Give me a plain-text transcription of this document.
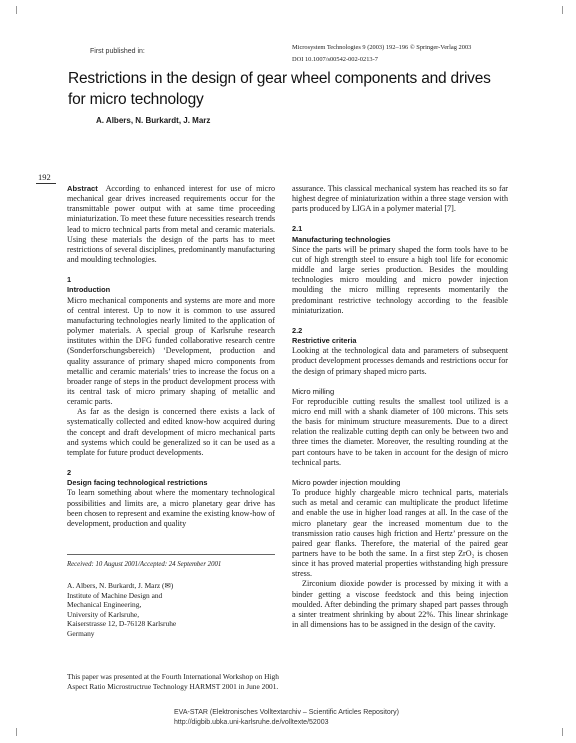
First published in:
Microsystem Technologies 9 (2003) 192–196 © Springer-Verlag 2003
DOI 10.1007/s00542-002-0213-7
Restrictions in the design of gear wheel components and drives for micro technology
A. Albers, N. Burkardt, J. Marz
192

Abstract According to enhanced interest for use of micro mechanical gear drives increased requirements occur for the transmittable power output with at same time proceeding miniaturization. To meet these future necessities research trends lead to micro technical parts from metal and ceramic materials. Using these materials the design of the parts has to meet restrictions of several disciplines, predominantly manufacturing and moulding technologies.

1
Introduction

Micro mechanical components and systems are more and more of central interest. Up to now it is common to use assured manufacturing technologies nearly limited to the application of polymer materials. A special group of Karlsruhe research institutes within the DFG funded collaborative research centre (Sonderforschungsbereich) ‘Development, production and quality assurance of primary shaped micro components from metallic and ceramic materials’ tries to increase the focus on a broader range of steps in the product development process with its central task of micro primary shaping of metallic and ceramic parts.

As far as the design is concerned there exists a lack of systematically collected and edited know-how acquired during the concept and draft development of micro mechanical parts and systems which could be generalized so it can be used as a template for future product developments.

2
Design facing technological restrictions

To learn something about where the momentary technological possibilities and limits are, a micro planetary gear drive has been chosen to represent and examine the existing know-how of development, production and quality

assurance. This classical mechanical system has reached its so far highest degree of miniaturization within a three stage version with parts produced by LIGA in a polymer material [7].

2.1
Manufacturing technologies

Since the parts will be primary shaped the form tools have to be cut of high strength steel to ensure a high tool life for economic middle and large series production. Besides the moulding technologies micro moulding and micro powder injection moulding the micro milling represents momentarily the predominant restrictive technology according to the feasible miniaturization.

2.2
Restrictive criteria

Looking at the technological data and parameters of subsequent product development processes demands and restrictions occur for the design of primary shaped micro parts.

Micro milling

For reproducible cutting results the smallest tool utilized is a micro end mill with a shank diameter of 100 microns. This sets the basis for minimum structure measurements. Due to a direct relation the realizable cutting depth can only be between two and three times the diameter. Moreover, the resulting rounding at the part contours have to be taken in account for the design of micro technical parts.

Micro powder injection moulding

To produce highly chargeable micro technical parts, materials such as metal and ceramic can multiplicate the product lifetime and enable the use in higher load ranges at all. In the case of the micro planetary gear the increased momentum due to the transmission ratio causes high friction and Hertz’ pressure on the paired gear flanks. Therefore, the material of the paired gear partners have to be both the same. In a first step ZrO₂ is chosen since it has proved material properties withstanding high pressure stress.

Zirconium dioxide powder is processed by mixing it with a binder getting a viscose feedstock and this being injection moulded. After debinding the primary shaped part passes through a sinter treatment shrinking by about 22%. This linear shrinkage in all dimensions has to be assigned in the design of the cavity.

Received: 10 August 2001/Accepted: 24 September 2001
A. Albers, N. Burkardt, J. Marz (✉)
Institute of Machine Design and
Mechanical Engineering,
University of Karlsruhe,
Kaiserstrasse 12, D-76128 Karlsruhe
Germany
This paper was presented at the Fourth International Workshop on High Aspect Ratio Microstructrue Technology HARMST 2001 in June 2001.
EVA-STAR (Elektronisches Volltextarchiv – Scientific Articles Repository)
http://digbib.ubka.uni-karlsruhe.de/volltexte/52003
